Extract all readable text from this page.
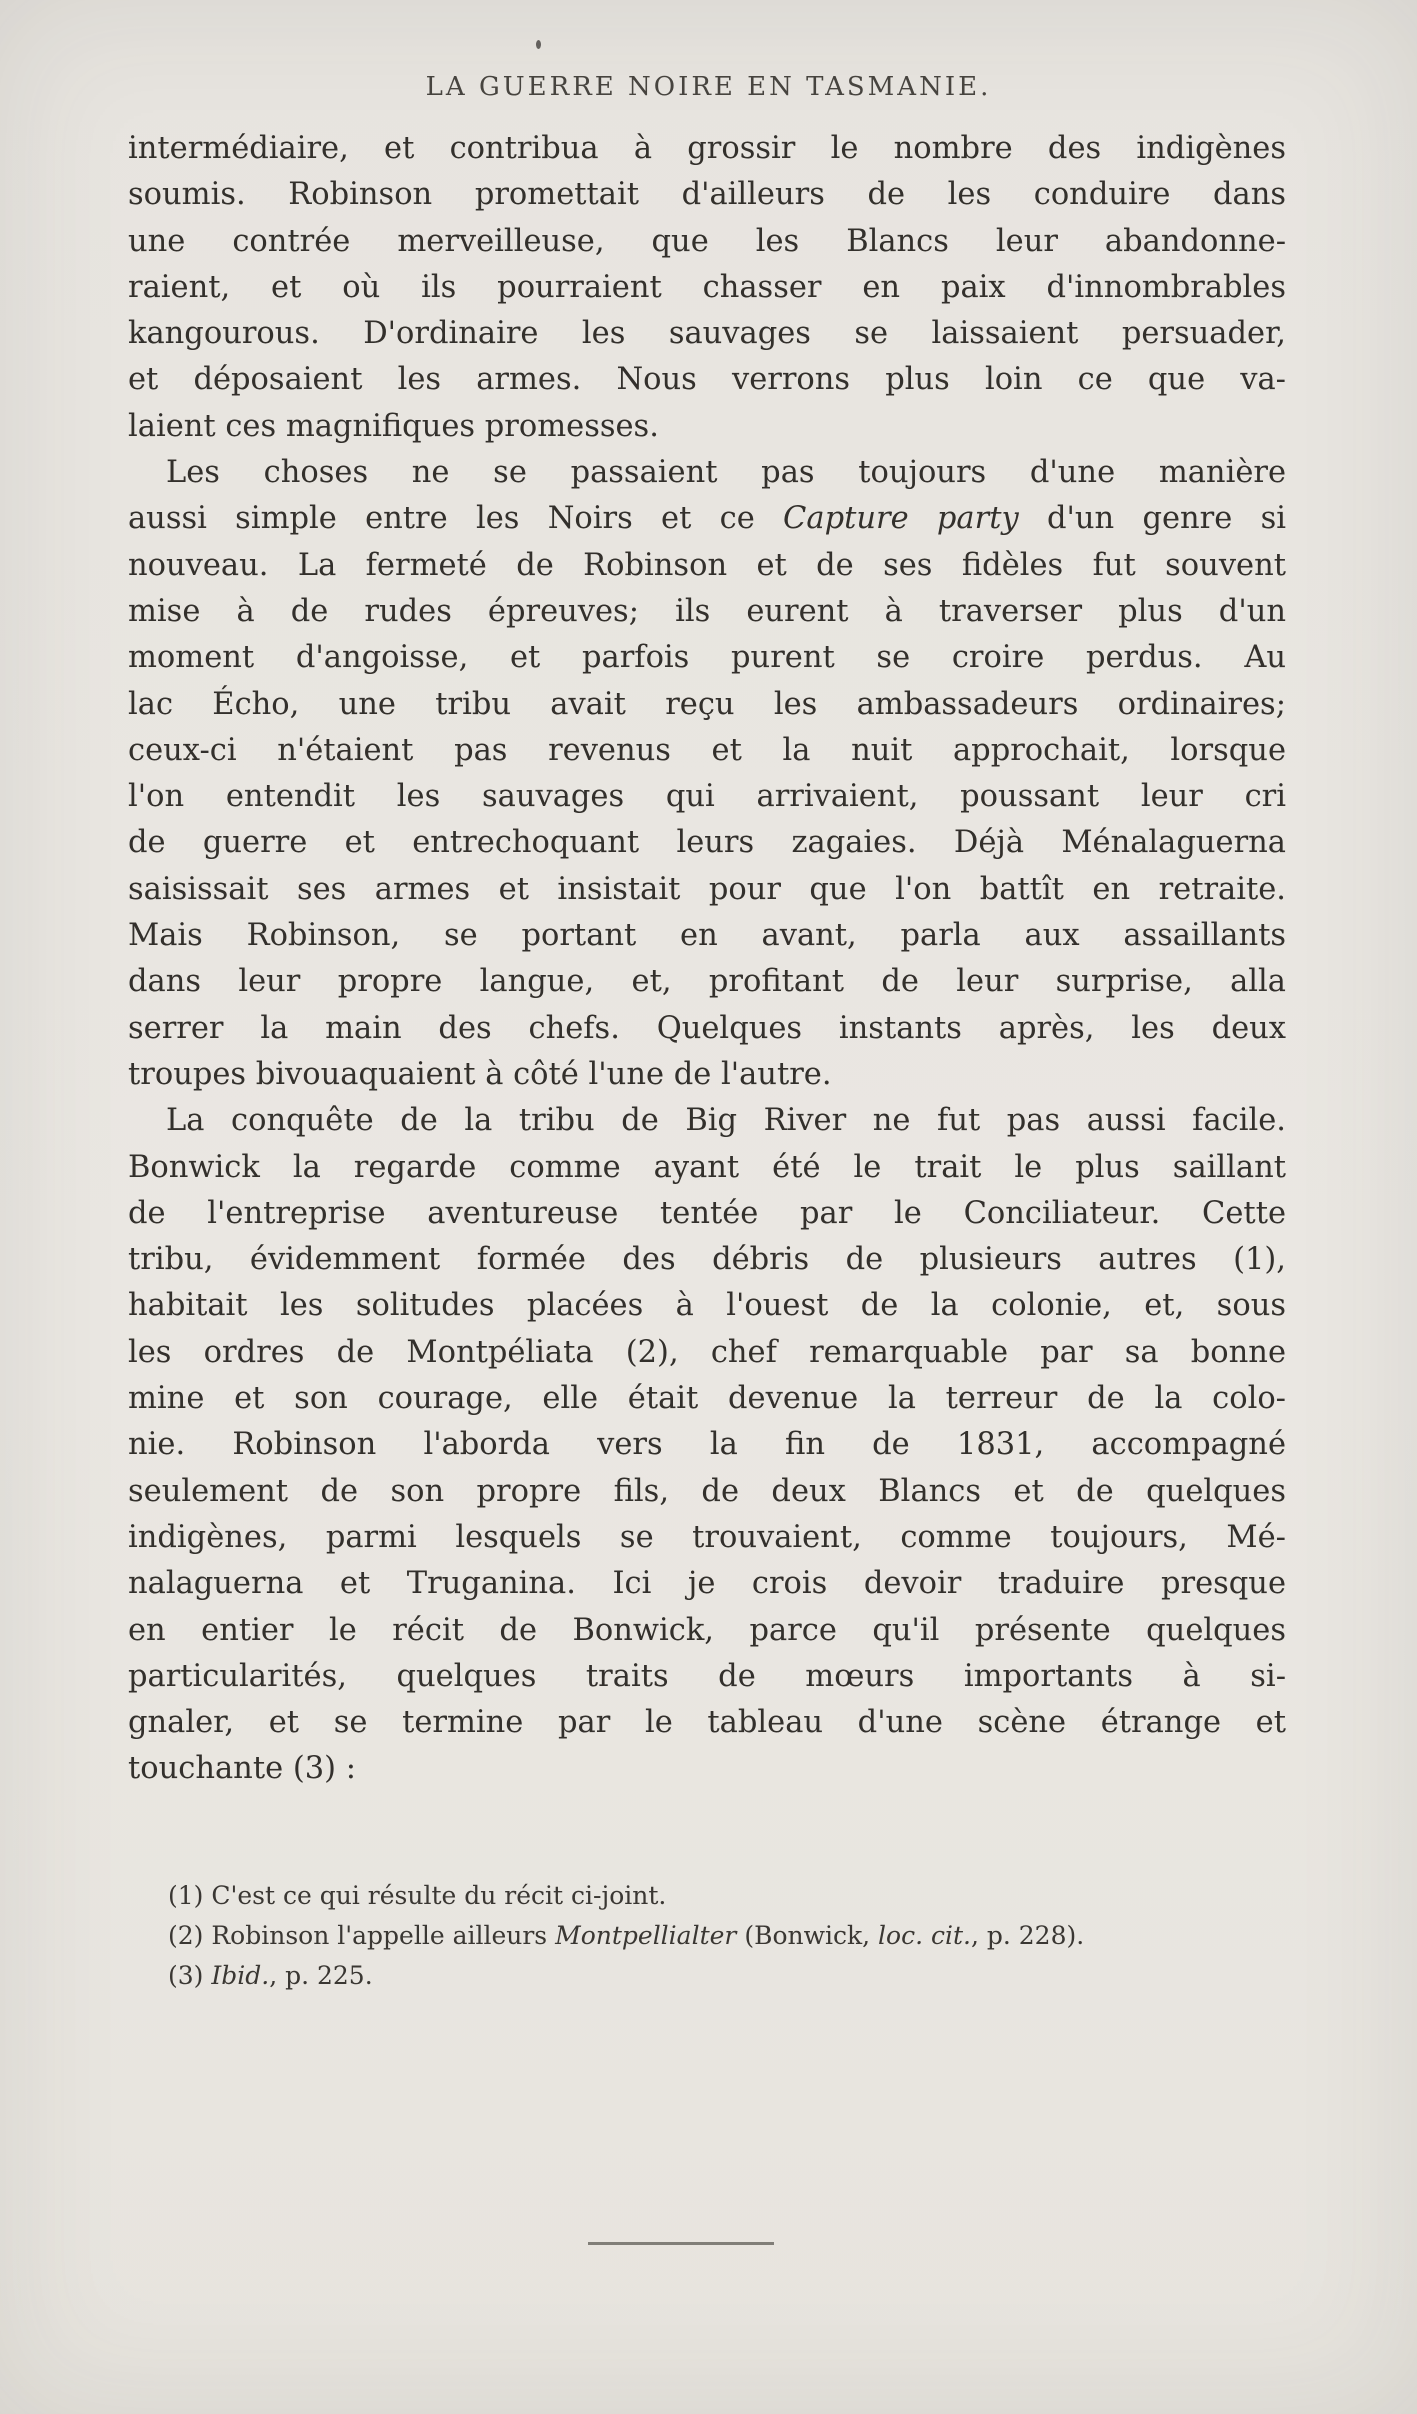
LA GUERRE NOIRE EN TASMANIE.
intermédiaire, et contribua à grossir le nombre des indigènes
soumis. Robinson promettait d'ailleurs de les conduire dans
une contrée merveilleuse, que les Blancs leur abandonne-
raient, et où ils pourraient chasser en paix d'innombrables
kangourous. D'ordinaire les sauvages se laissaient persuader,
et déposaient les armes. Nous verrons plus loin ce que va-
laient ces magnifiques promesses.
Les choses ne se passaient pas toujours d'une manière
aussi simple entre les Noirs et ce Capture party d'un genre si
nouveau. La fermeté de Robinson et de ses fidèles fut souvent
mise à de rudes épreuves; ils eurent à traverser plus d'un
moment d'angoisse, et parfois purent se croire perdus. Au
lac Écho, une tribu avait reçu les ambassadeurs ordinaires;
ceux-ci n'étaient pas revenus et la nuit approchait, lorsque
l'on entendit les sauvages qui arrivaient, poussant leur cri
de guerre et entrechoquant leurs zagaies. Déjà Ménalaguerna
saisissait ses armes et insistait pour que l'on battît en retraite.
Mais Robinson, se portant en avant, parla aux assaillants
dans leur propre langue, et, profitant de leur surprise, alla
serrer la main des chefs. Quelques instants après, les deux
troupes bivouaquaient à côté l'une de l'autre.
La conquête de la tribu de Big River ne fut pas aussi facile.
Bonwick la regarde comme ayant été le trait le plus saillant
de l'entreprise aventureuse tentée par le Conciliateur. Cette
tribu, évidemment formée des débris de plusieurs autres (1),
habitait les solitudes placées à l'ouest de la colonie, et, sous
les ordres de Montpéliata (2), chef remarquable par sa bonne
mine et son courage, elle était devenue la terreur de la colo-
nie. Robinson l'aborda vers la fin de 1831, accompagné
seulement de son propre fils, de deux Blancs et de quelques
indigènes, parmi lesquels se trouvaient, comme toujours, Mé-
nalaguerna et Truganina. Ici je crois devoir traduire presque
en entier le récit de Bonwick, parce qu'il présente quelques
particularités, quelques traits de mœurs importants à si-
gnaler, et se termine par le tableau d'une scène étrange et
touchante (3) :
(1) C'est ce qui résulte du récit ci-joint.
(2) Robinson l'appelle ailleurs Montpellialter (Bonwick, loc. cit., p. 228).
(3) Ibid., p. 225.
